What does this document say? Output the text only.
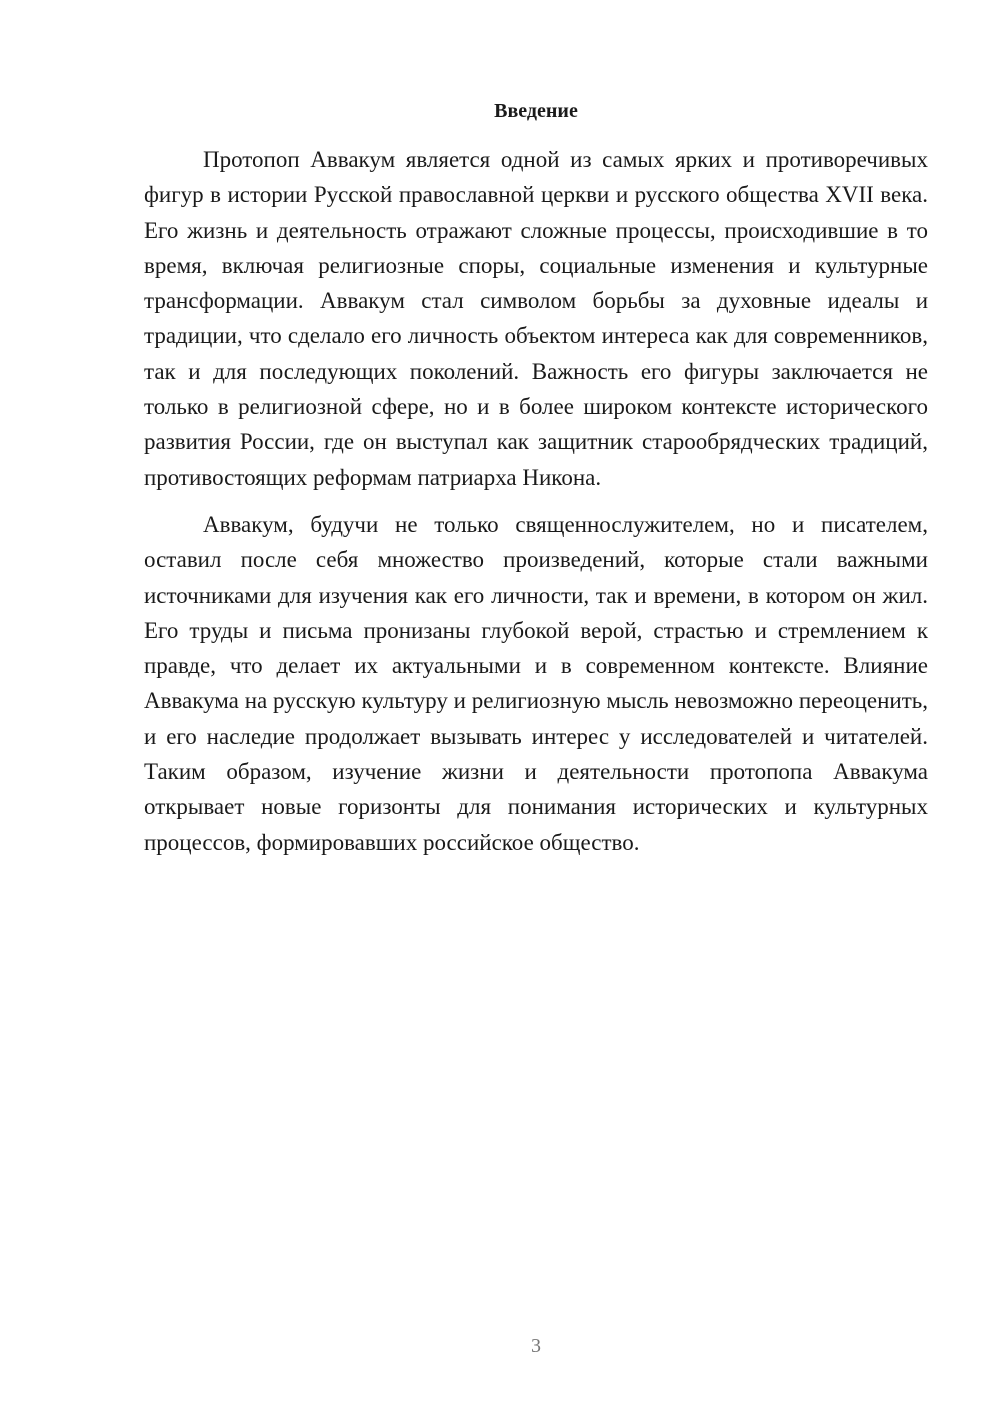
Введение

Протопоп Аввакум является одной из самых ярких и противоречивых фигур в истории Русской православной церкви и русского общества XVII века. Его жизнь и деятельность отражают сложные процессы, происходившие в то время, включая религиозные споры, социальные изменения и культурные трансформации. Аввакум стал символом борьбы за духовные идеалы и традиции, что сделало его личность объектом интереса как для современников, так и для последующих поколений. Важность его фигуры заключается не только в религиозной сфере, но и в более широком контексте исторического развития России, где он выступал как защитник старообрядческих традиций, противостоящих реформам патриарха Никона.

Аввакум, будучи не только священнослужителем, но и писателем, оставил после себя множество произведений, которые стали важными источниками для изучения как его личности, так и времени, в котором он жил. Его труды и письма пронизаны глубокой верой, страстью и стремлением к правде, что делает их актуальными и в современном контексте. Влияние Аввакума на русскую культуру и религиозную мысль невозможно переоценить, и его наследие продолжает вызывать интерес у исследователей и читателей. Таким образом, изучение жизни и деятельности протопопа Аввакума открывает новые горизонты для понимания исторических и культурных процессов, формировавших российское общество.

3
